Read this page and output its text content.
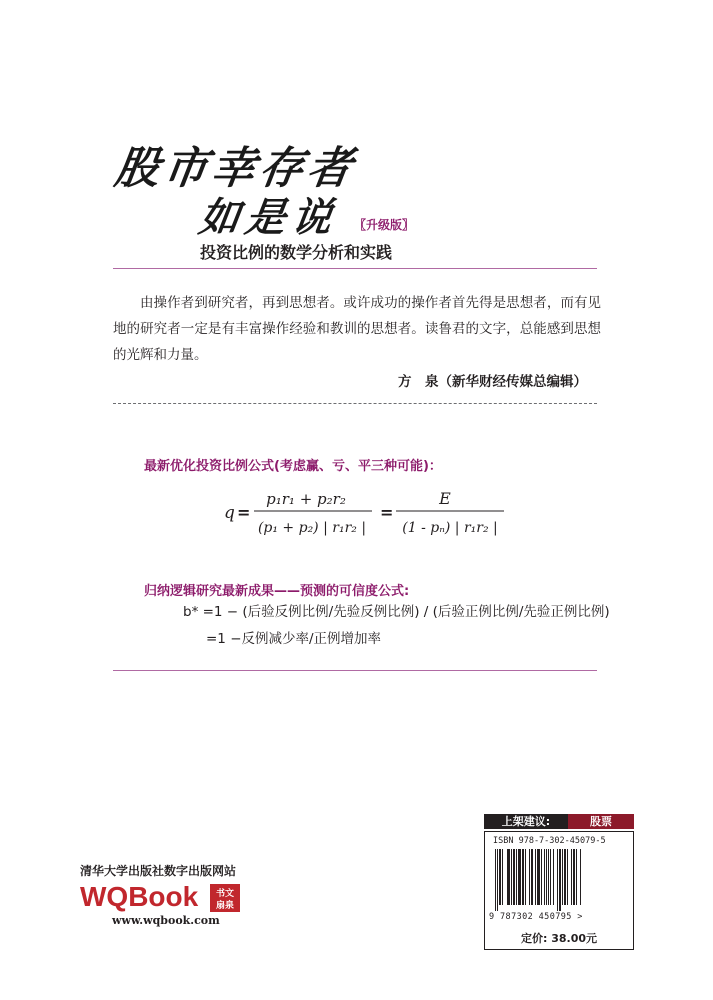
股市幸存者
如是说 〖升级版〗
投资比例的数学分析和实践

由操作者到研究者，再到思想者。或许成功的操作者首先得是思想者，而有见地的研究者一定是有丰富操作经验和教训的思想者。读鲁君的文字，总能感到思想的光辉和力量。

方　泉（新华财经传媒总编辑）
最新优化投资比例公式(考虑赢、亏、平三种可能)：
q =
p₁r₁ + p₂r₂
(p₁ + p₂) | r₁r₂ |
=
E
(1 - pₙ) | r₁r₂ |
归纳逻辑研究最新成果——预测的可信度公式:
b* =1 − (后验反例比例/先验反例比例) / (后验正例比例/先验正例比例)
=1 −反例减少率/正例增加率
清华大学出版社数字出版网站
WQBook 书文
扇泉
www.wqbook.com
上架建议:	股票
ISBN 978-7-302-45079-5
9 787302 450795 >
定价: 38.00元
